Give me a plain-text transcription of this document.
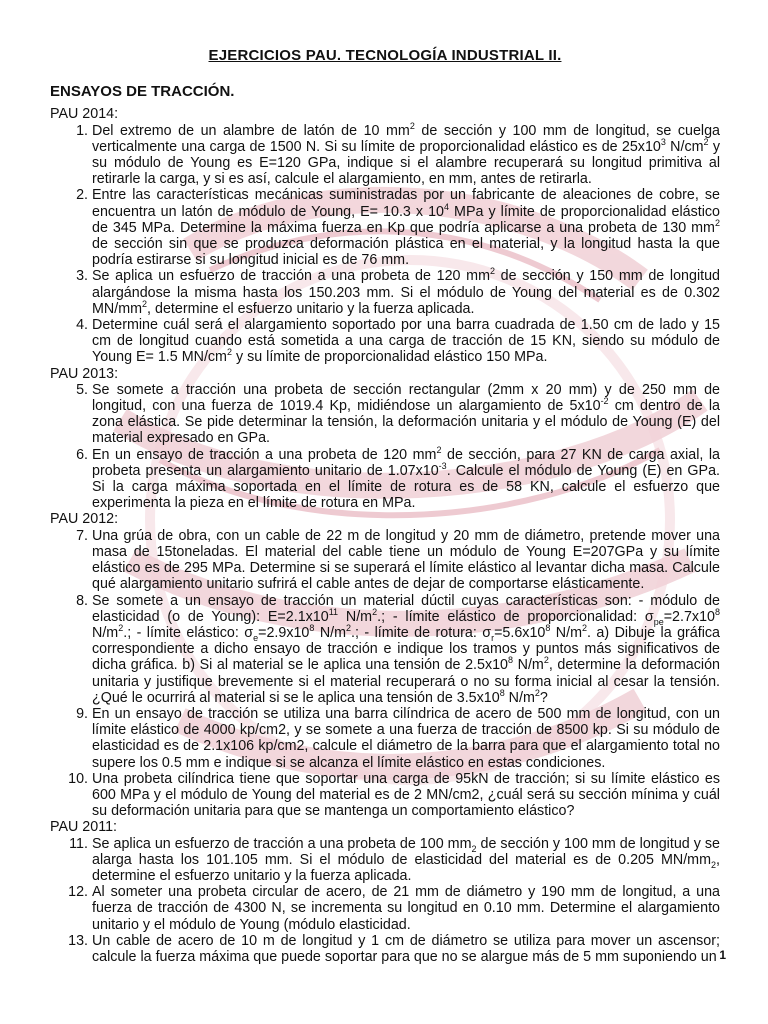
EJERCICIOS PAU. TECNOLOGÍA INDUSTRIAL II.
ENSAYOS DE TRACCIÓN.
PAU 2014:
1. Del extremo de un alambre de latón de 10 $mm^2$ de sección y 100 mm de longitud, se cuelga verticalmente una carga de 1500 N. Si su límite de proporcionalidad elástico es de $25x10^3$ $N/cm^2$ y su módulo de Young es E=120 GPa, indique si el alambre recuperará su longitud primitiva al retirarle la carga, y si es así, calcule el alargamiento, en mm, antes de retirarla.
2. Entre las características mecánicas suministradas por un fabricante de aleaciones de cobre, se encuentra un latón de módulo de Young, E= 10.3 x $10^4$ MPa y límite de proporcionalidad elástico de 345 MPa. Determine la máxima fuerza en Kp que podría aplicarse a una probeta de 130 $mm^2$ de sección sin que se produzca deformación plástica en el material, y la longitud hasta la que podría estirarse si su longitud inicial es de 76 mm.
3. Se aplica un esfuerzo de tracción a una probeta de 120 $mm^2$ de sección y 150 mm de longitud alargándose la misma hasta los 150.203 mm. Si el módulo de Young del material es de 0.302 $MN/mm^2$, determine el esfuerzo unitario y la fuerza aplicada.
4. Determine cuál será el alargamiento soportado por una barra cuadrada de 1.50 cm de lado y 15 cm de longitud cuando está sometida a una carga de tracción de 15 KN, siendo su módulo de Young E= 1.5 $MN/cm^2$ y su límite de proporcionalidad elástico 150 MPa.
PAU 2013:
5. Se somete a tracción una probeta de sección rectangular (2mm x 20 mm) y de 250 mm de longitud, con una fuerza de 1019.4 Kp, midiéndose un alargamiento de $5x10^{-2}$ cm dentro de la zona elástica. Se pide determinar la tensión, la deformación unitaria y el módulo de Young (E) del material expresado en GPa.
6. En un ensayo de tracción a una probeta de 120 $mm^2$ de sección, para 27 KN de carga axial, la probeta presenta un alargamiento unitario de $1.07x10^{-3}$. Calcule el módulo de Young (E) en GPa. Si la carga máxima soportada en el límite de rotura es de 58 KN, calcule el esfuerzo que experimenta la pieza en el límite de rotura en MPa.
PAU 2012:
7. Una grúa de obra, con un cable de 22 m de longitud y 20 mm de diámetro, pretende mover una masa de 15toneladas. El material del cable tiene un módulo de Young E=207GPa y su límite elástico es de 295 MPa. Determine si se superará el límite elástico al levantar dicha masa. Calcule qué alargamiento unitario sufrirá el cable antes de dejar de comportarse elásticamente.
8. Se somete a un ensayo de tracción un material dúctil cuyas características son: - módulo de elasticidad (o de Young): $E=2.1x10^{11}$ $N/m^2$.; - límite elástico de proporcionalidad: $\sigma_{pe}=2.7x10^8$ $N/m^2$.; - límite elástico: $\sigma_e=2.9x10^8$ $N/m^2$.; - límite de rotura: $\sigma_r=5.6x10^8$ $N/m^2$. a) Dibuje la gráfica correspondiente a dicho ensayo de tracción e indique los tramos y puntos más significativos de dicha gráfica. b) Si al material se le aplica una tensión de $2.5x10^8$ $N/m^2$, determine la deformación unitaria y justifique brevemente si el material recuperará o no su forma inicial al cesar la tensión. ¿Qué le ocurrirá al material si se le aplica una tensión de $3.5x10^8$ $N/m^2$?
9. En un ensayo de tracción se utiliza una barra cilíndrica de acero de 500 mm de longitud, con un límite elástico de 4000 kp/cm2, y se somete a una fuerza de tracción de 8500 kp. Si su módulo de elasticidad es de 2.1x106 kp/cm2, calcule el diámetro de la barra para que el alargamiento total no supere los 0.5 mm e indique si se alcanza el límite elástico en estas condiciones.
10. Una probeta cilíndrica tiene que soportar una carga de 95kN de tracción; si su límite elástico es 600 MPa y el módulo de Young del material es de 2 MN/cm2, ¿cuál será su sección mínima y cuál su deformación unitaria para que se mantenga un comportamiento elástico?
PAU 2011:
11. Se aplica un esfuerzo de tracción a una probeta de 100 $mm_2$ de sección y 100 mm de longitud y se alarga hasta los 101.105 mm. Si el módulo de elasticidad del material es de 0.205 $MN/mm_2$, determine el esfuerzo unitario y la fuerza aplicada.
12. Al someter una probeta circular de acero, de 21 mm de diámetro y 190 mm de longitud, a una fuerza de tracción de 4300 N, se incrementa su longitud en 0.10 mm. Determine el alargamiento unitario y el módulo de Young (módulo elasticidad.
13. Un cable de acero de 10 m de longitud y 1 cm de diámetro se utiliza para mover un ascensor; calcule la fuerza máxima que puede soportar para que no se alargue más de 5 mm suponiendo un 1
